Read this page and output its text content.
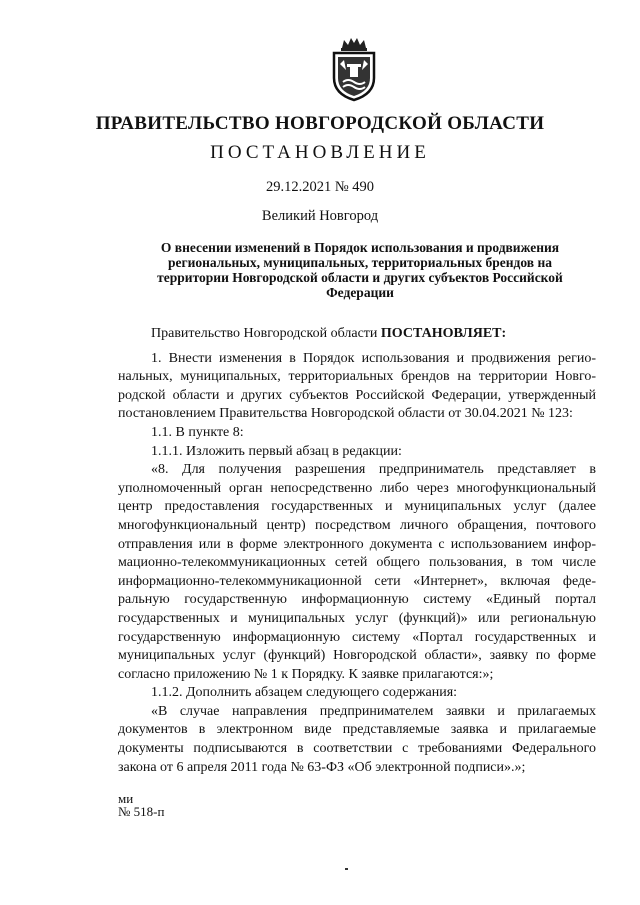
ПРАВИТЕЛЬСТВО НОВГОРОДСКОЙ ОБЛАСТИ
ПОСТАНОВЛЕНИЕ
29.12.2021 № 490
Великий Новгород
О внесении изменений в Порядок использования и продвижения региональных, муниципальных, территориальных брендов на территории Новгородской области и других субъектов Российской Федерации

Правительство Новгородской области ПОСТАНОВЛЯЕТ:

1. Внести изменения в Порядок использования и продвижения регио-нальных, муниципальных, территориальных брендов на территории Новго-родской области и других субъектов Российской Федерации, утвержденный постановлением Правительства Новгородской области от 30.04.2021 № 123:

1.1. В пункте 8:

1.1.1. Изложить первый абзац в редакции:

«8. Для получения разрешения предприниматель представляет в уполномоченный орган непосредственно либо через многофункциональный центр предоставления государственных и муниципальных услуг (далее многофункциональный центр) посредством личного обращения, почтового отправления или в форме электронного документа с использованием инфор-мационно-телекоммуникационных сетей общего пользования, в том числе информационно-телекоммуникационной сети «Интернет», включая феде-ральную государственную информационную систему «Единый портал государственных и муниципальных услуг (функций)» или региональную государственную информационную систему «Портал государственных и муниципальных услуг (функций) Новгородской области», заявку по форме согласно приложению № 1 к Порядку. К заявке прилагаются:»;

1.1.2. Дополнить абзацем следующего содержания:

«В случае направления предпринимателем заявки и прилагаемых документов в электронном виде представляемые заявка и прилагаемые документы подписываются в соответствии с требованиями Федерального закона от 6 апреля 2011 года № 63-ФЗ «Об электронной подписи».»;

ми
№ 518-п
